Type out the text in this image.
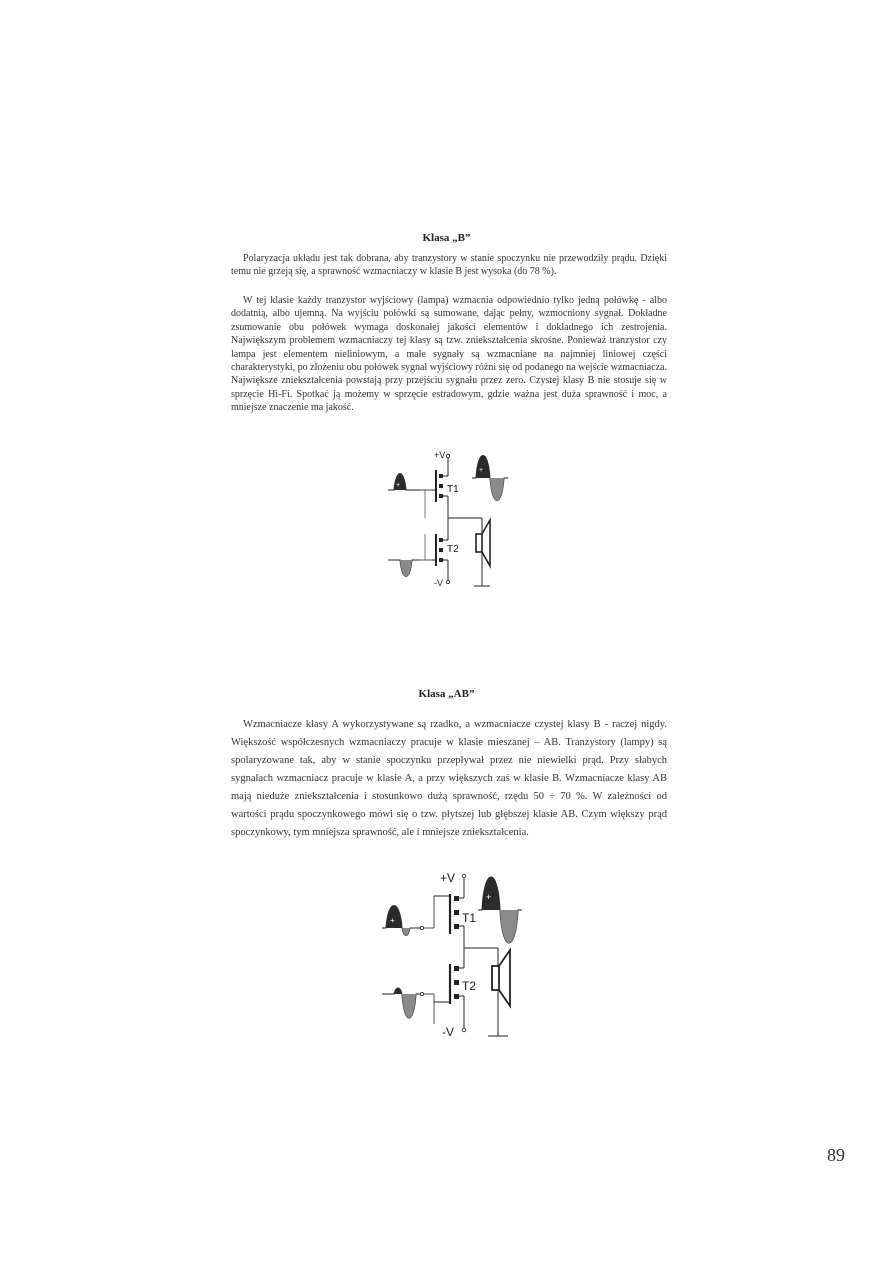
Klasa „B”

Polaryzacja układu jest tak dobrana, aby tranzystory w stanie spoczynku nie przewodziły prądu. Dzięki temu nie grzeją się, a sprawność wzmacniaczy w klasie B jest wysoka (do 78 %).

W tej klasie każdy tranzystor wyjściowy (lampa) wzmacnia odpowiednio tylko jedną połówkę - albo dodatnią, albo ujemną. Na wyjściu połówki są sumowane, dając pełny, wzmocniony sygnał. Dokładne zsumowanie obu połówek wymaga doskonałej jakości elementów i dokładnego ich zestrojenia. Największym problemem wzmacniaczy tej klasy są tzw. zniekształcenia skrośne. Ponieważ tranzystor czy lampa jest elementem nieliniowym, a małe sygnały są wzmacniane na najmniej liniowej części charakterystyki, po złożeniu obu połówek sygnał wyjściowy różni się od podanego na wejście wzmacniacza. Największe zniekształcenia powstają przy przejściu sygnału przez zero. Czystej klasy B nie stosuje się w sprzęcie Hi-Fi. Spotkać ją możemy w sprzęcie estradowym, gdzie ważna jest duża sprawność i moc, a mniejsze znaczenie ma jakość.

+	T1
T2
+V
-V
+
Klasa „AB”

Wzmacniacze klasy A wykorzystywane są rzadko, a wzmacniacze czystej klasy B - raczej nigdy. Większość współczesnych wzmacniaczy pracuje w klasie mieszanej – AB. Tranzystory (lampy) są spolaryzowane tak, aby w stanie spoczynku przepływał przez nie niewielki prąd. Przy słabych sygnałach wzmacniacz pracuje w klasie A, a przy większych zaś w klasie B. Wzmacniacze klasy AB mają nieduże zniekształcenia i stosunkowo dużą sprawność, rzędu 50 ÷ 70 %. W zależności od wartości prądu spoczynkowego mówi się o tzw. płytszej lub głębszej klasie AB. Czym większy prąd spoczynkowy, tym mniejsza sprawność, ale i mniejsze zniekształcenia.

+	T1
T2
+V
-V
+
89
